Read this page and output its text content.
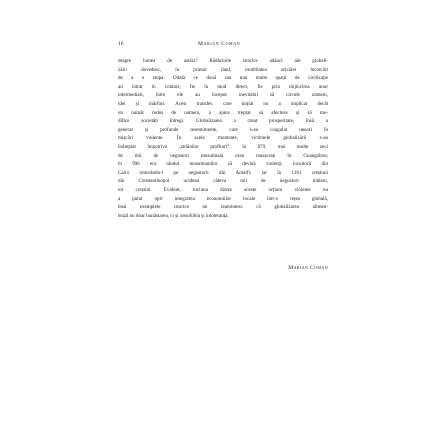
16	Marian Coman
despre lumea de astăzi? Rădăcinile istorice adânci ale globali-
zării dovedesc, în primul rând, inutilitatea oricărei încercări
de a o stopa. Odată ce două sau mai multe spații de civilizație
au intrat în contact, fie în mod direct, fie prin mijlocirea unor
intermediari, între ele au început inevitabil să circule oameni,
idei și mărfuri. Acest transfer, care inițial nu a implicat decât
un număr redus de oameni, a ajuns treptat să afecteze și să mo-
difice societăți întregi. Globalizarea a creat prosperitate, însă a
generat și profunde resentimente, care s-au coagulat uneori în
mișcări violente. În acele momente, victimele globalizării s-au
îndreptat împotriva „străinilor profitori”: în 879, mai multe zeci
de mii de negustori musulmani erau masacrați în Guangzhou;
în 996 era rândul musulmanilor să devină violenți, locuitorii din
Cairo omorându-i pe negustorii din Amalfi; iar în 1181 creștinii
din Constantinopol ucideau câteva mii de negustori italieni,
tot creștini. Evident, niciuna dintre aceste acțiuni violente nu
a putut opri integrarea economiilor locale într-o rețea globală,
însă exemplele istorice ne reamintesc că globalizarea alimen-
tează nu doar bunăstarea, ci și xenofobia și intoleranța.
Marian Coman
